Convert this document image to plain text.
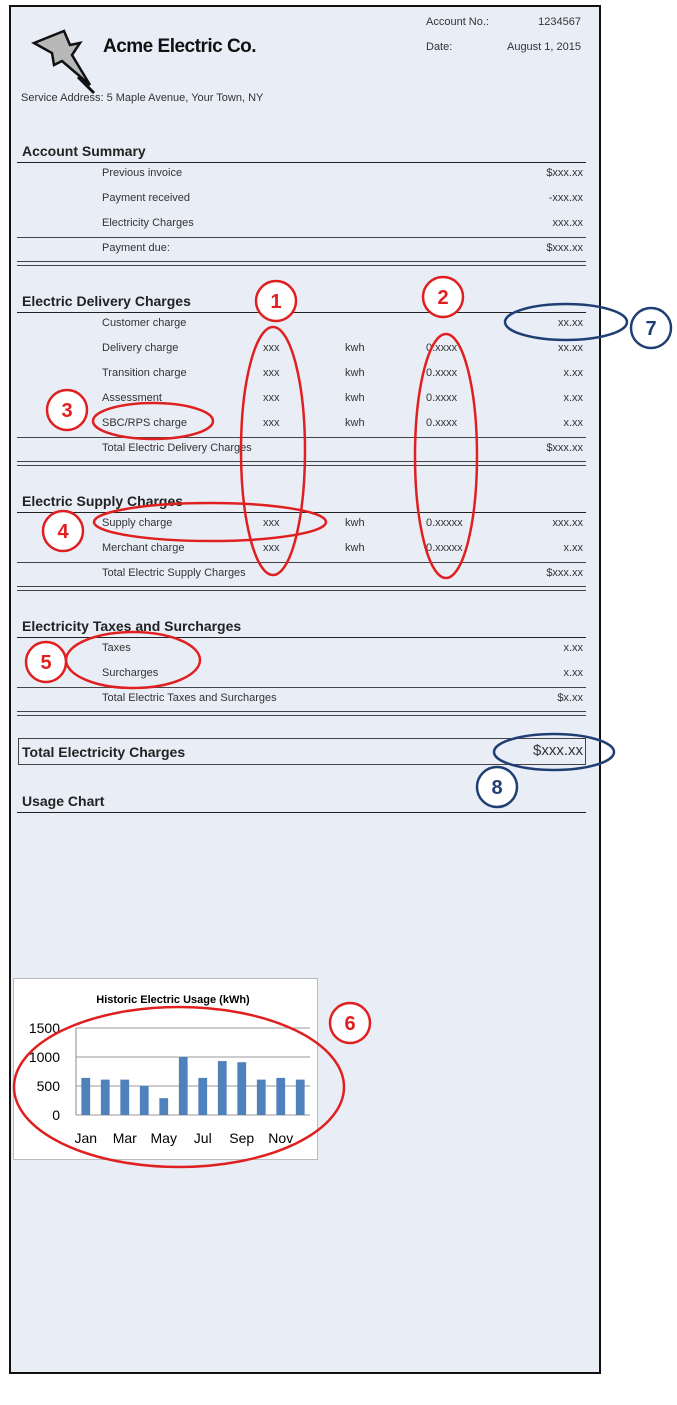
Acme Electric Co.
Service Address: 5 Maple Avenue, Your Town, NY
Account No.:	1234567
Date:	August 1, 2015
Account Summary
Previous invoice	$xxx.xx
Payment received	-xxx.xx
Electricity Charges	xxx.xx
Payment due:	$xxx.xx
Electric Delivery Charges
Customer charge	xx.xx
Delivery charge	xxx	kwh	0.xxxx	xx.xx
Transition charge	xxx	kwh	0.xxxx	x.xx
Assessment	xxx	kwh	0.xxxx	x.xx
SBC/RPS charge	xxx	kwh	0.xxxx	x.xx
Total Electric Delivery Charges	$xxx.xx
Electric Supply Charges
Supply charge	xxx	kwh	0.xxxxx	xxx.xx
Merchant charge	xxx	kwh	0.xxxxx	x.xx
Total Electric Supply Charges	$xxx.xx
Electricity Taxes and Surcharges
Taxes	x.xx
Surcharges	x.xx
Total Electric Taxes and Surcharges	$x.xx
Total Electricity Charges	$xxx.xx
Usage Chart
Historic Electric Usage (kWh)
0
500
1000
1500
Jan Mar May Jul Sep Nov
1	2
3
4
5
6
7
8
